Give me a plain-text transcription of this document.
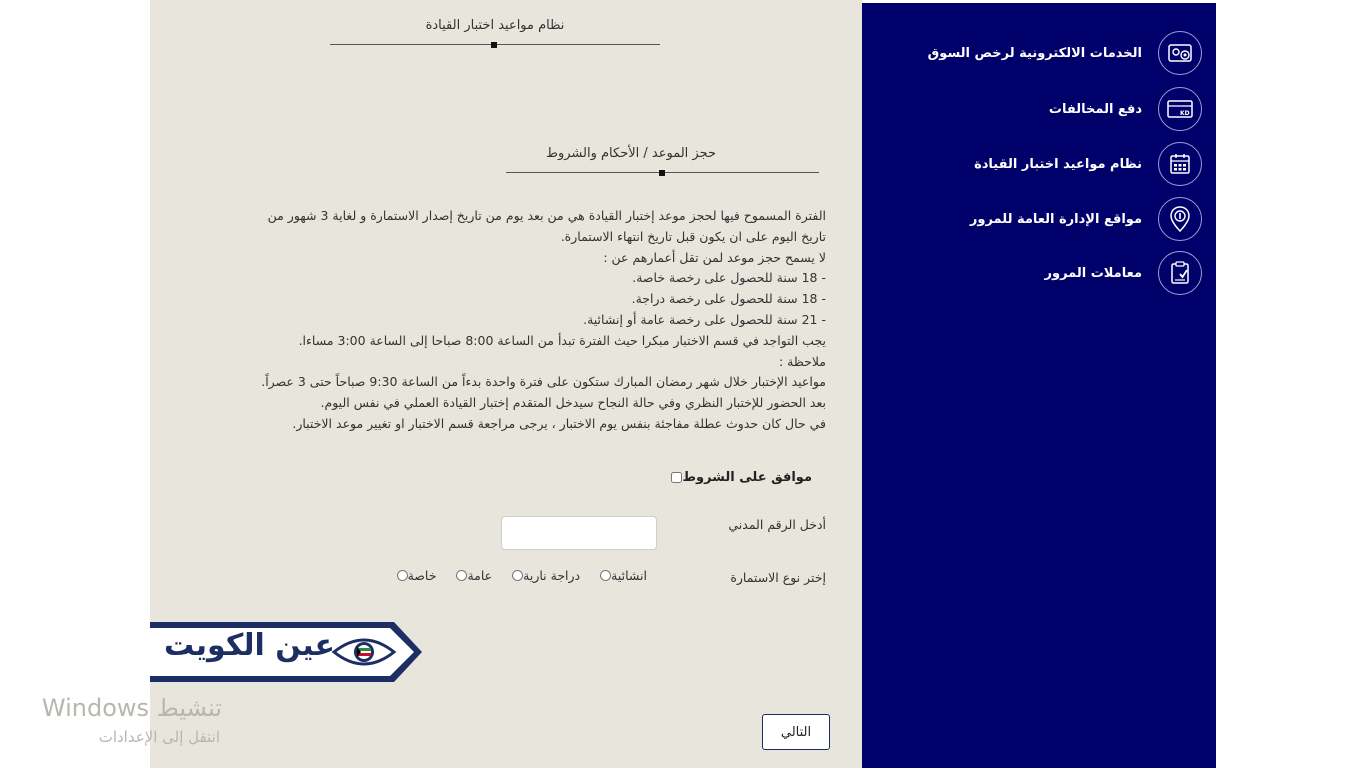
نظام مواعيد اختبار القيادة
حجز الموعد / الأحكام والشروط
الفترة المسموح فيها لحجز موعد إختبار القيادة هي من بعد يوم من تاريخ إصدار الاستمارة و لغاية 3 شهور من
تاريخ اليوم على ان يكون قبل تاريخ انتهاء الاستمارة.
لا يسمح حجز موعد لمن تقل أعمارهم عن :
- 18 سنة للحصول على رخصة خاصة.
- 18 سنة للحصول على رخصة دراجة.
- 21 سنة للحصول على رخصة عامة أو إنشائية.
يجب التواجد في قسم الاختبار مبكرا حيث الفترة تبدأ من الساعة 8:00 صباحا إلى الساعة 3:00 مساءا.
ملاحظة :
مواعيد الإختبار خلال شهر رمضان المبارك ستكون على فترة واحدة بدءاً من الساعة 9:30 صباحاً حتى 3 عصراً.
بعد الحضور للإختبار النظري وفي حالة النجاح سيدخل المتقدم إختبار القيادة العملي في نفس اليوم.
في حال كان حدوث عطلة مفاجئة بنفس يوم الاختبار ، يرجى مراجعة قسم الاختبار او تغيير موعد الاختبار.
موافق على الشروط
أدخل الرقم المدني
إختر نوع الاستمارة
خاصة عامة دراجة نارية انشائية
التالي
عين الكويت
تنشيط Windows
انتقل إلى الإعدادات
الخدمات الالكترونية لرخص السوق
KD
دفع المخالفات
نظام مواعيد اختبار القيادة
مواقع الإدارة العامة للمرور
معاملات المرور
